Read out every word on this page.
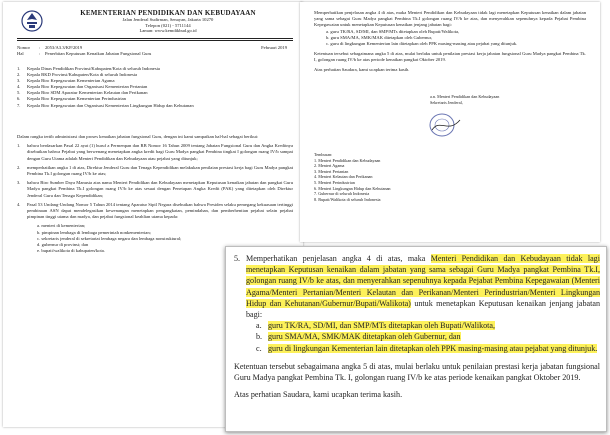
KEMENTERIAN PENDIDIKAN DAN KEBUDAYAAN
Jalan Jenderal Sudirman, Senayan, Jakarta 10270
Telepon (021) - 5711144
Laman: www.kemdikbud.go.id
Nomor	:	2053/A3.3/KP/2019
Hal	:	Penerbitan Keputusan Kenaikan Jabatan Fungsional Guru
Februari 2019
1.	Kepala Dinas Pendidikan Provinsi/Kabupaten/Kota di seluruh Indonesia
2.	Kepala BKD Provinsi/Kabupaten/Kota di seluruh Indonesia
3.	Kepala Biro Kepegawaian Kementerian Agama
4.	Kepala Biro Kepegawaian dan Organisasi Kementerian Pertanian
5.	Kepala Biro SDM Aparatur Kementerian Kelautan dan Perikanan
6.	Kepala Biro Kepegawaian Kementerian Perindustrian
7.	Kepala Biro Kepegawaian dan Organisasi Kementerian Lingkungan Hidup dan Kehutanan
Dalam rangka tertib administrasi dan proses kenaikan jabatan fungsional Guru, dengan ini kami sampaikan hal-hal sebagai berikut:
1.	bahwa berdasarkan Pasal 22 ayat (1) huruf a Permenpan dan RB Nomor 16 Tahun 2009 tentang Jabatan Fungsional Guru dan Angka Kreditnya disebutkan bahwa Pejabat yang berwenang menetapkan angka kredit bagi Guru Madya pangkat Pembina tingkat I golongan ruang IV/b sampai dengan Guru Utama adalah Menteri Pendidikan dan Kebudayaan atau pejabat yang ditunjuk;
2.	memperhatikan angka 1 di atas, Direktur Jenderal Guru dan Tenaga Kependidikan melakukan penilaian prestasi kerja bagi Guru Madya pangkat Pembina Tk.I golongan ruang IV/b ke atas;
3.	bahwa Biro Sumber Daya Manusia atas nama Menteri Pendidikan dan Kebudayaan menetapkan Keputusan kenaikan jabatan dan pangkat Guru Madya pangkat Pembina Tk.I golongan ruang IV/b ke atas sesuai dengan Penetapan Angka Kredit (PAK) yang ditetapkan oleh Direktur Jenderal Guru dan Tenaga Kependidikan;
4.	Pasal 53 Undang-Undang Nomor 5 Tahun 2014 tentang Aparatur Sipil Negara disebutkan bahwa Presiden selaku pemegang kekuasaan tertinggi pembinaan ASN dapat mendelegasikan kewenangan menetapkan pengangkatan, pemindahan, dan pemberhentian pejabat selain pejabat pimpinan tinggi utama dan madya, dan pejabat fungsional keahlian utama kepada:
a. menteri di kementerian;
b. pimpinan lembaga di lembaga pemerintah nonkementerian;
c. sekretaris jenderal di sekretariat lembaga negara dan lembaga nonstruktural;
d. gubernur di provinsi; dan
e. bupati/walikota di kabupaten/kota.
Memperhatikan penjelasan angka 4 di atas, maka Menteri Pendidikan dan Kebudayaan tidak lagi menetapkan Keputusan kenaikan dalam jabatan yang sama sebagai Guru Madya pangkat Pembina Tk.I golongan ruang IV/b ke atas, dan menyerahkan sepenuhnya kepada Pejabat Pembina Kepegawaian untuk menetapkan Keputusan kenaikan jenjang jabatan bagi:
a. guru TK/RA, SD/MI, dan SMP/MTs ditetapkan oleh Bupati/Walikota,
b. guru SMA/MA, SMK/MAK ditetapkan oleh Gubernur,
c. guru di lingkungan Kementerian lain ditetapkan oleh PPK masing-masing atau pejabat yang ditunjuk.
Ketentuan tersebut sebagaimana angka 5 di atas, mulai berlaku untuk penilaian prestasi kerja jabatan fungsional Guru Madya pangkat Pembina Tk. I, golongan ruang IV/b ke atas periode kenaikan pangkat Oktober 2019.
Atas perhatian Saudara, kami ucapkan terima kasih.
a.n. Menteri Pendidikan dan Kebudayaan
Sekretaris Jenderal,
Tembusan:
1. Menteri Pendidikan dan Kebudayaan
2. Menteri Agama
3. Menteri Pertanian
4. Menteri Kelautan dan Perikanan
5. Menteri Perindustrian
6. Menteri Lingkungan Hidup dan Kehutanan
7. Gubernur di seluruh Indonesia
8. Bupati/Walikota di seluruh Indonesia
5. Memperhatikan penjelasan angka 4 di atas, maka Menteri Pendidikan dan Kebudayaan tidak lagi menetapkan Keputusan kenaikan dalam jabatan yang sama sebagai Guru Madya pangkat Pembina Tk.I, golongan ruang IV/b ke atas, dan menyerahkan sepenuhnya kepada Pejabat Pembina Kepegawaian (Menteri Agama/Menteri Pertanian/Menteri Kelautan dan Perikanan/Menteri Perindustrian/Menteri Lingkungan Hidup dan Kehutanan/Gubernur/Bupati/Walikota) untuk menetapkan Keputusan kenaikan jenjang jabatan bagi:
a. guru TK/RA, SD/MI, dan SMP/MTs ditetapkan oleh Bupati/Walikota,
b. guru SMA/MA, SMK/MAK ditetapkan oleh Gubernur, dan
c. guru di lingkungan Kementerian lain ditetapkan oleh PPK masing-masing atau pejabat yang ditunjuk.
Ketentuan tersebut sebagaimana angka 5 di atas, mulai berlaku untuk penilaian prestasi kerja jabatan fungsional Guru Madya pangkat Pembina Tk. I, golongan ruang IV/b ke atas periode kenaikan pangkat Oktober 2019.
Atas perhatian Saudara, kami ucapkan terima kasih.
